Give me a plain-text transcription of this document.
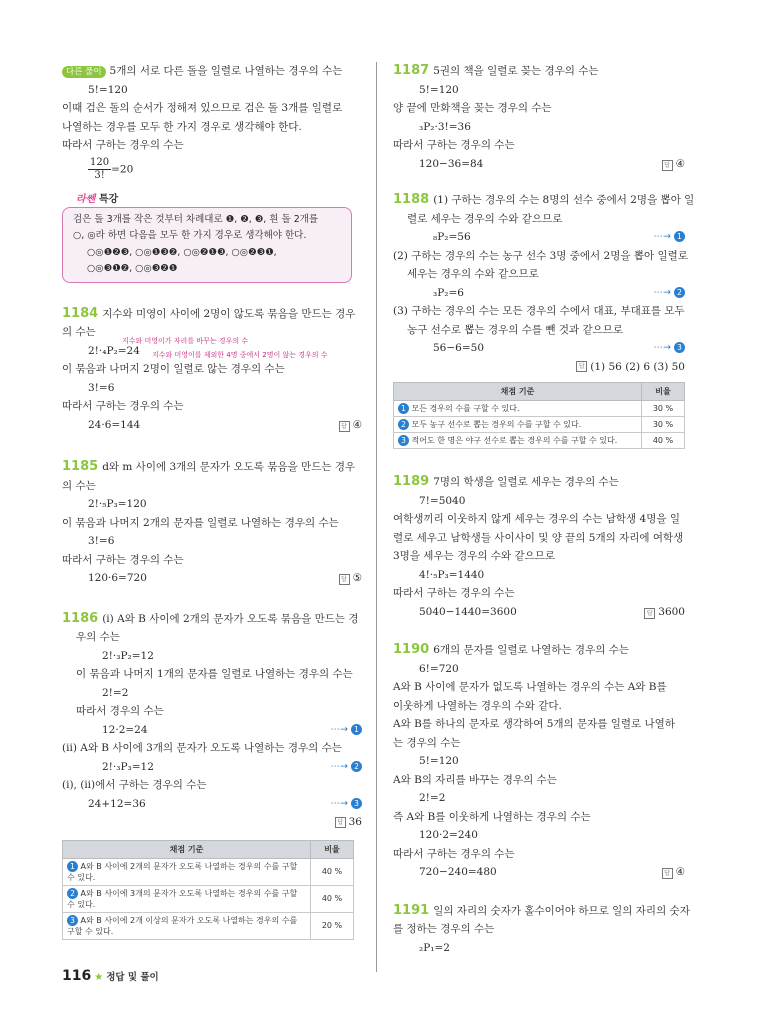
다른 풀이 5개의 서로 다른 돌을 일렬로 나열하는 경우의 수는
5!=120
이때 검은 돌의 순서가 정해져 있으므로 검은 돌 3개를 일렬로
나열하는 경우를 모두 한 가지 경우로 생각해야 한다.
따라서 구하는 경우의 수는
$\frac{120}{3!}=20$
라쎈 특강
검은 돌 3개를 작은 것부터 차례대로 ❶, ❷, ❸, 흰 돌 2개를
○, ◎라 하면 다음을 모두 한 가지 경우로 생각해야 한다.
○◎❶❷❸, ○◎❶❸❷, ○◎❷❶❸, ○◎❷❸❶,
○◎❸❶❷, ○◎❸❷❶
1184 지수와 미영이 사이에 2명이 않도록 묶음을 만드는 경우
의 수는
2!·₄P₂=24
지수와 미영이가 자리를 바꾸는 경우의 수
지수와 미영이를 제외한 4명 중에서 2명이 않는 경우의 수
이 묶음과 나머지 2명이 일렬로 않는 경우의 수는
3!=6
따라서 구하는 경우의 수는
24·6=144	답 ④
1185 d와 m 사이에 3개의 문자가 오도록 묶음을 만드는 경우
의 수는
2!·₅P₃=120
이 묶음과 나머지 2개의 문자를 일렬로 나열하는 경우의 수는
3!=6
따라서 구하는 경우의 수는
120·6=720	답 ⑤
1186 (i) A와 B 사이에 2개의 문자가 오도록 묶음을 만드는 경
우의 수는
2!·₃P₂=12
이 묶음과 나머지 1개의 문자를 일렬로 나열하는 경우의 수는
2!=2
따라서 경우의 수는
12·2=24	⋯→ 1
(ii) A와 B 사이에 3개의 문자가 오도록 나열하는 경우의 수는
2!·₃P₃=12	⋯→ 2
(i), (ii)에서 구하는 경우의 수는
24+12=36	⋯→ 3
답 36
채점 기준	비율
1 A와 B 사이에 2개의 문자가 오도록 나열하는 경우의 수를 구할 수 있다.	40 %
2 A와 B 사이에 3개의 문자가 오도록 나열하는 경우의 수를 구할 수 있다.	40 %
3 A와 B 사이에 2개 이상의 문자가 오도록 나열하는 경우의 수를 구할 수 있다.	20 %
1187 5권의 책을 일렬로 꽂는 경우의 수는
5!=120
양 끝에 만화책을 꽂는 경우의 수는
₃P₂·3!=36
따라서 구하는 경우의 수는
120−36=84	답 ④
1188 (1) 구하는 경우의 수는 8명의 선수 중에서 2명을 뽑아 일
렬로 세우는 경우의 수와 같으므로
₈P₂=56	⋯→ 1
(2) 구하는 경우의 수는 농구 선수 3명 중에서 2명을 뽑아 일렬로
세우는 경우의 수와 같으므로
₃P₂=6	⋯→ 2
(3) 구하는 경우의 수는 모든 경우의 수에서 대표, 부대표를 모두
농구 선수로 뽑는 경우의 수를 뺀 것과 같으므로
56−6=50	⋯→ 3
답 (1) 56 (2) 6 (3) 50
채점 기준	비율
1 모든 경우의 수를 구할 수 있다.	30 %
2 모두 농구 선수로 뽑는 경우의 수를 구할 수 있다.	30 %
3 적어도 한 명은 야구 선수로 뽑는 경우의 수를 구할 수 있다.	40 %
1189 7명의 학생을 일렬로 세우는 경우의 수는
7!=5040
여학생끼리 이웃하지 않게 세우는 경우의 수는 남학생 4명을 일
렬로 세우고 남학생들 사이사이 및 양 끝의 5개의 자리에 여학생
3명을 세우는 경우의 수와 같으므로
4!·₅P₃=1440
따라서 구하는 경우의 수는
5040−1440=3600	답 3600
1190 6개의 문자를 일렬로 나열하는 경우의 수는
6!=720
A와 B 사이에 문자가 없도록 나열하는 경우의 수는 A와 B를
이웃하게 나열하는 경우의 수와 같다.
A와 B를 하나의 문자로 생각하여 5개의 문자를 일렬로 나열하
는 경우의 수는
5!=120
A와 B의 자리를 바꾸는 경우의 수는
2!=2
즉 A와 B를 이웃하게 나열하는 경우의 수는
120·2=240
따라서 구하는 경우의 수는
720−240=480	답 ④
1191 일의 자리의 숫자가 홀수이어야 하므로 일의 자리의 숫자
를 정하는 경우의 수는
₂P₁=2
116 ★ 정답 및 풀이
